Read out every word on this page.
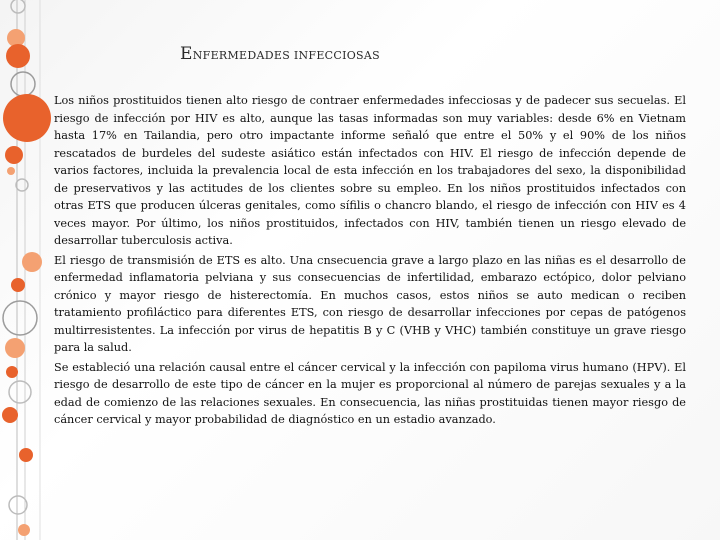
ENFERMEDADES INFECCIOSAS

Los niños prostituidos tienen alto riesgo de contraer enfermedades infecciosas y de padecer sus secuelas. El riesgo de infección por HIV es alto, aunque las tasas informadas son muy variables: desde 6% en Vietnam hasta 17% en Tailandia, pero otro impactante informe señaló que entre el 50% y el 90% de los niños rescatados de burdeles del sudeste asiático están infectados con HIV. El riesgo de infección depende de varios factores, incluida la prevalencia local de esta infección en los trabajadores del sexo, la disponibilidad de preservativos y las actitudes de los clientes sobre su empleo. En los niños prostituidos infectados con otras ETS que producen úlceras genitales, como sífilis o chancro blando, el riesgo de infección con HIV es 4 veces mayor. Por último, los niños prostituidos, infectados con HIV, también tienen un riesgo elevado de desarrollar tuberculosis activa.

El riesgo de transmisión de ETS es alto. Una cnsecuencia grave a largo plazo en las niñas es el desarrollo de enfermedad inflamatoria pelviana y sus consecuencias de infertilidad, embarazo ectópico, dolor pelviano crónico y mayor riesgo de histerectomía. En muchos casos, estos niños se auto medican o reciben tratamiento profiláctico para diferentes ETS, con riesgo de desarrollar infecciones por cepas de patógenos multirresistentes. La infección por virus de hepatitis B y C (VHB y VHC) también constituye un grave riesgo para la salud.

Se estableció una relación causal entre el cáncer cervical y la infección con papiloma virus humano (HPV). El riesgo de desarrollo de este tipo de cáncer en la mujer es proporcional al número de parejas sexuales y a la edad de comienzo de las relaciones sexuales. En consecuencia, las niñas prostituidas tienen mayor riesgo de cáncer cervical y mayor probabilidad de diagnóstico en un estadio avanzado.
